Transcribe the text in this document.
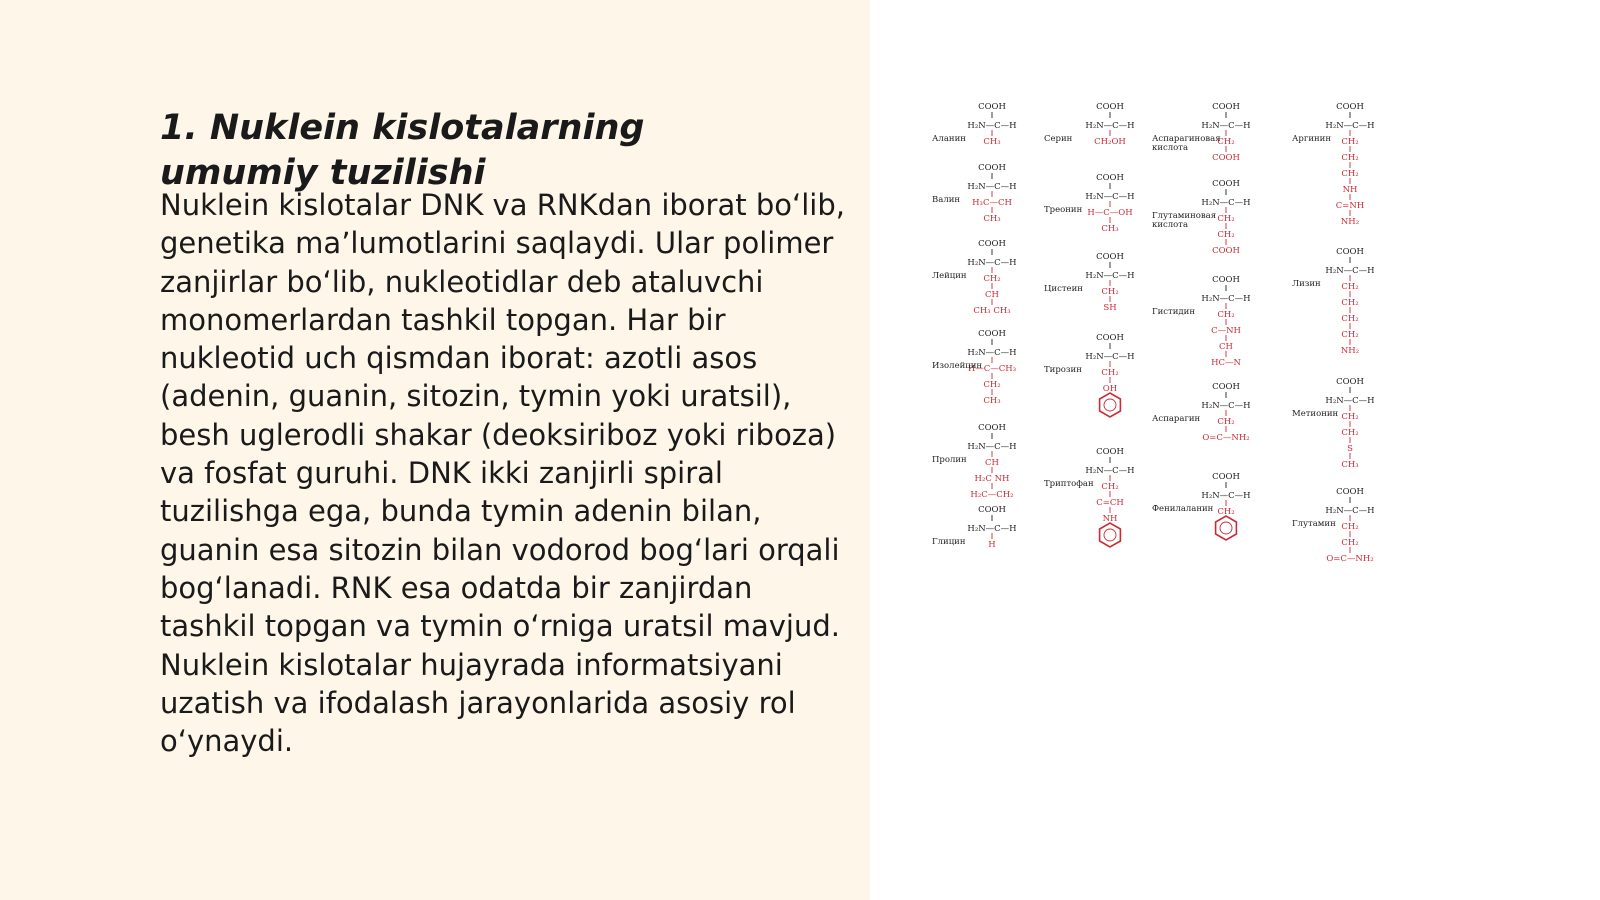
1. Nuklein kislotalarning umumiy tuzilishi

Nuklein kislotalar DNK va RNKdan iborat bo‘lib, genetika ma’lumotlarini saqlaydi. Ular polimer zanjirlar bo‘lib, nukleotidlar deb ataluvchi monomerlardan tashkil topgan. Har bir nukleotid uch qismdan iborat: azotli asos (adenin, guanin, sitozin, tymin yoki uratsil), besh uglerodli shakar (deoksiriboz yoki riboza) va fosfat guruhi. DNK ikki zanjirli spiral tuzilishga ega, bunda tymin adenin bilan, guanin esa sitozin bilan vodorod bog‘lari orqali bog‘lanadi. RNK esa odatda bir zanjirdan tashkil topgan va tymin o‘rniga uratsil mavjud. Nuklein kislotalar hujayrada informatsiyani uzatish va ifodalash jarayonlarida asosiy rol o‘ynaydi.

COOH
H₂N—C—H
CH₃
Аланин
COOH
H₂N—C—H
H₃C—CH
CH₃
Валин
COOH
H₂N—C—H
CH₂
CH
CH₃ CH₃
Лейцин
COOH
H₂N—C—H
H—C—CH₃
CH₂
CH₃
Изолейцин
COOH
H₂N—C—H
CH
H₂C NH
H₂C—CH₂
Пролин
COOH
H₂N—C—H
H
Глицин
COOH
H₂N—C—H
CH₂OH
Серин
COOH
H₂N—C—H
H—C—OH
CH₃
Треонин
COOH
H₂N—C—H
CH₂
SH
Цистеин
COOH
H₂N—C—H
CH₂
OH
Тирозин
COOH
H₂N—C—H
CH₂
C=CH
NH
Триптофан
COOH
H₂N—C—H
CH₂
COOH
Аспарагиновая
кислота
COOH
H₂N—C—H
CH₂
CH₂
COOH
Глутаминовая
кислота
COOH
H₂N—C—H
CH₂
C—NH
CH
HC—N
Гистидин
COOH
H₂N—C—H
CH₂
O=C—NH₂
Аспарагин
COOH
H₂N—C—H
CH₂
Фенилаланин
COOH
H₂N—C—H
CH₂
CH₂
CH₂
NH
C=NH
NH₂
Аргинин
COOH
H₂N—C—H
CH₂
CH₂
CH₂
CH₂
NH₂
Лизин
COOH
H₂N—C—H
CH₂
CH₂
S
CH₃
Метионин
COOH
H₂N—C—H
CH₂
CH₂
O=C—NH₂
Глутамин
